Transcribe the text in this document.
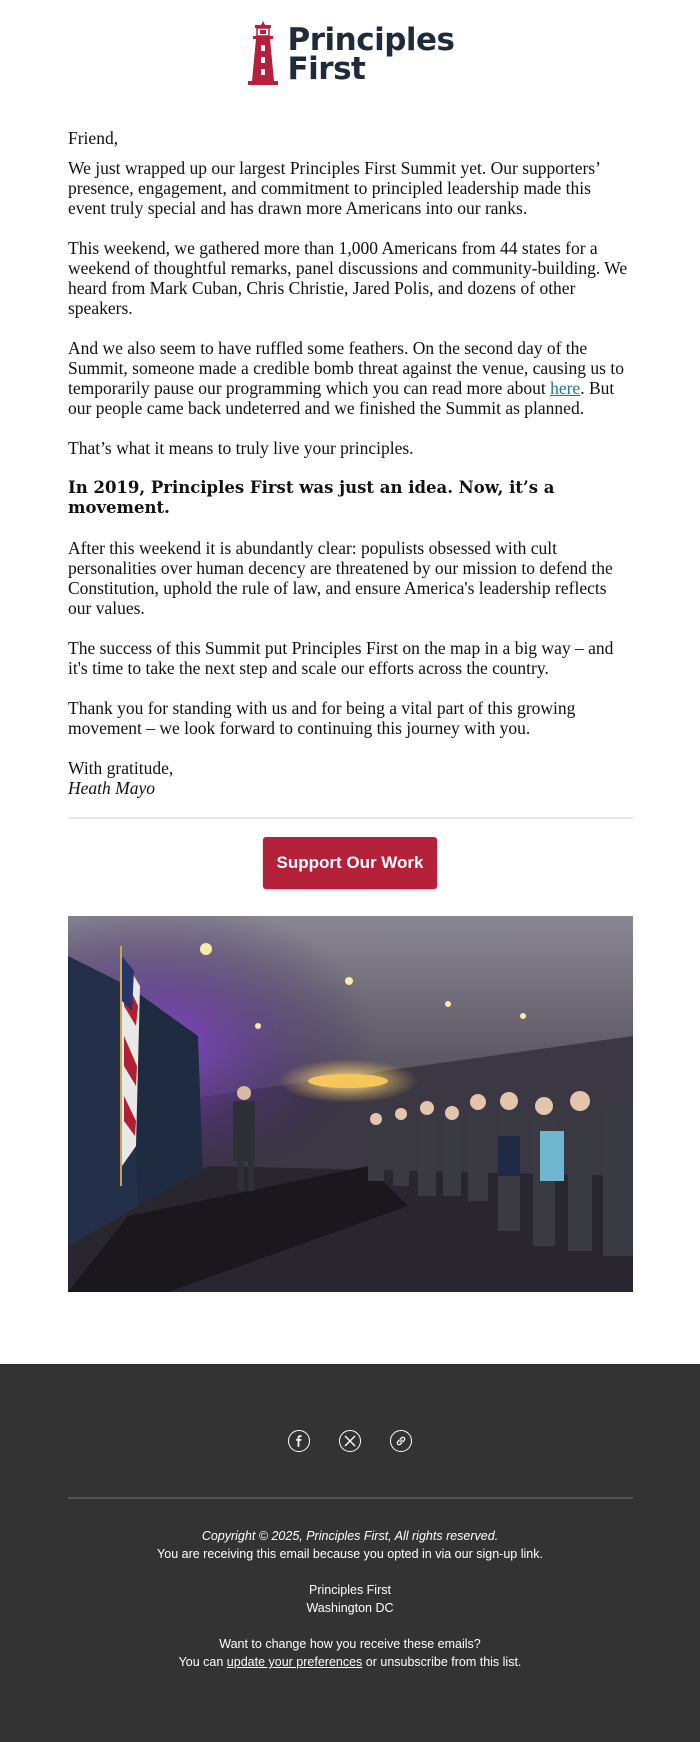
Principles
First

Friend,

We just wrapped up our largest Principles First Summit yet. Our supporters’ presence, engagement, and commitment to principled leadership made this event truly special and has drawn more Americans into our ranks.

This weekend, we gathered more than 1,000 Americans from 44 states for a weekend of thoughtful remarks, panel discussions and community-building. We heard from Mark Cuban, Chris Christie, Jared Polis, and dozens of other speakers.

And we also seem to have ruffled some feathers. On the second day of the Summit, someone made a credible bomb threat against the venue, causing us to temporarily pause our programming which you can read more about here. But our people came back undeterred and we finished the Summit as planned.

That’s what it means to truly live your principles.

In 2019, Principles First was just an idea. Now, it’s a movement.

After this weekend it is abundantly clear: populists obsessed with cult personalities over human decency are threatened by our mission to defend the Constitution, uphold the rule of law, and ensure America's leadership reflects our values.

The success of this Summit put Principles First on the map in a big way – and it's time to take the next step and scale our efforts across the country.

Thank you for standing with us and for being a vital part of this growing movement – we look forward to continuing this journey with you.

With gratitude,

Heath Mayo

Support Our Work

Copyright © 2025, Principles First, All rights reserved.

You are receiving this email because you opted in via our sign-up link.

Principles First

Washington DC

Want to change how you receive these emails?

You can update your preferences or unsubscribe from this list.
